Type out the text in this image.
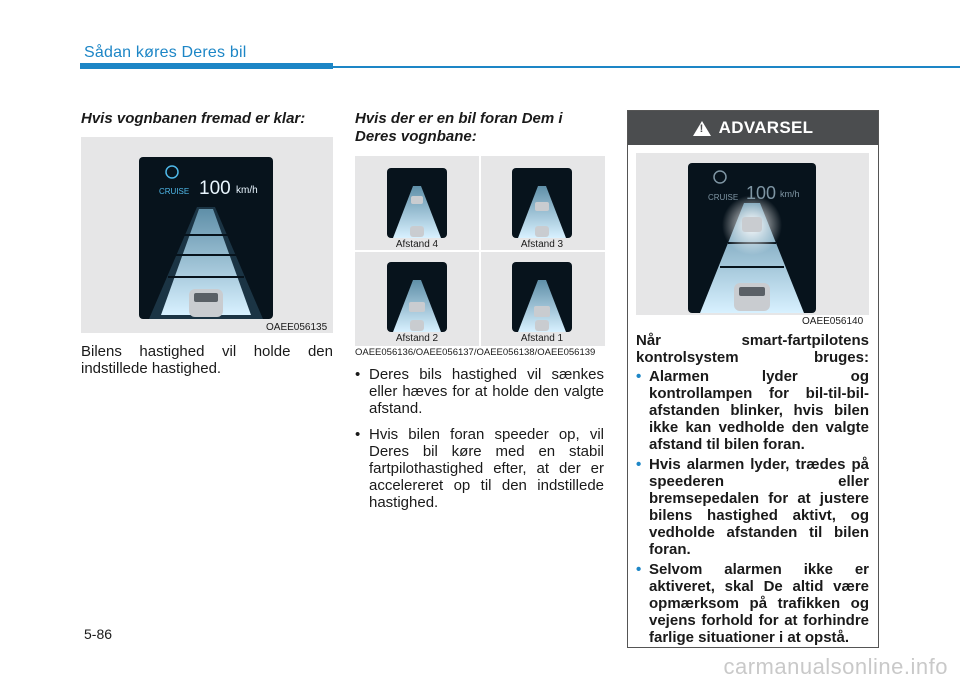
Sådan køres Deres bil
Hvis vognbanen fremad er klar:
CRUISE 100 km/h
OAEE056135
Bilens hastighed vil holde den indstillede hastighed.
Hvis der er en bil foran Dem i Deres vognbane:
Afstand 4	Afstand 3
Afstand 2	Afstand 1
OAEE056136/OAEE056137/OAEE056138/OAEE056139
• Deres bils hastighed vil sænkes eller hæves for at holde den valgte afstand.
• Hvis bilen foran speeder op, vil Deres bil køre med en stabil fartpilothastighed efter, at der er accelereret op til den indstillede hastighed.
!
ADVARSEL
100 km/h
CRUISE
OAEE056140
Når smart-fartpilotens kontrolsystem bruges:
• Alarmen lyder og kontrollampen for bil-til-bil-afstanden blinker, hvis bilen ikke kan vedholde den valgte afstand til bilen foran.
• Hvis alarmen lyder, trædes på speederen eller bremsepedalen for at justere bilens hastighed aktivt, og vedholde afstanden til bilen foran.
• Selvom alarmen ikke er aktiveret, skal De altid være opmærksom på trafikken og vejens forhold for at forhindre farlige situationer i at opstå.
5-86
carmanualsonline.info
